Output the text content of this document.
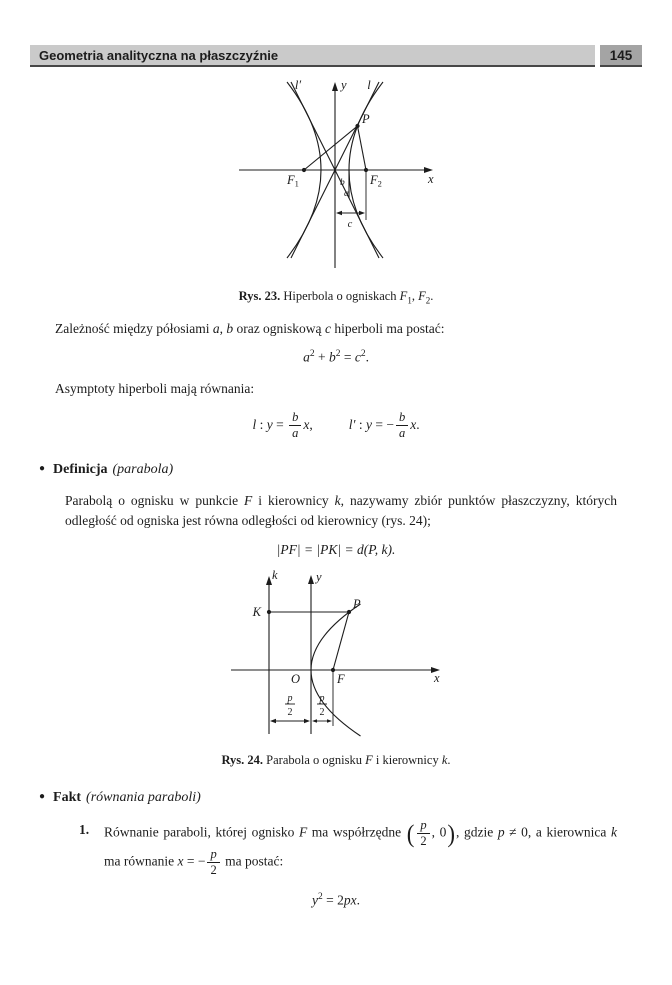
Geometria analityczna na płaszczyźnie	145
l′	y l
x
P
$F_1$	$F_2$
b
a
c

Rys. 23. Hiperbola o ogniskach $F_1$, $F_2$.

Zależność między półosiami a, b oraz ogniskową c hiperboli ma postać:

$a^2 + b^2 = c^2$.

Asymptoty hiperboli mają równania:

l : $y = \frac{b}{a} x$,	l′ : y = − $\frac{b}{a} x$.
● Definicja (parabola)

Parabolą o ognisku w punkcie F i kierownicy k, nazywamy zbiór punktów płaszczyzny, których odległość od ogniska jest równa odległości od kierownicy (rys. 24);

|PF| = |PK| = d(P, k).
k	y
K
P
O	F	x
p
2
p
2

Rys. 24. Parabola o ognisku F i kierownicy k.

● Fakt (równania paraboli)
1.	Równanie paraboli, której ognisko F ma współrzędne ( $\frac{p}{2}$ , 0), gdzie p ≠ 0, a kierownica k ma równanie x = − $\frac{p}{2}$ ma postać:
$y^2 = 2px$.
